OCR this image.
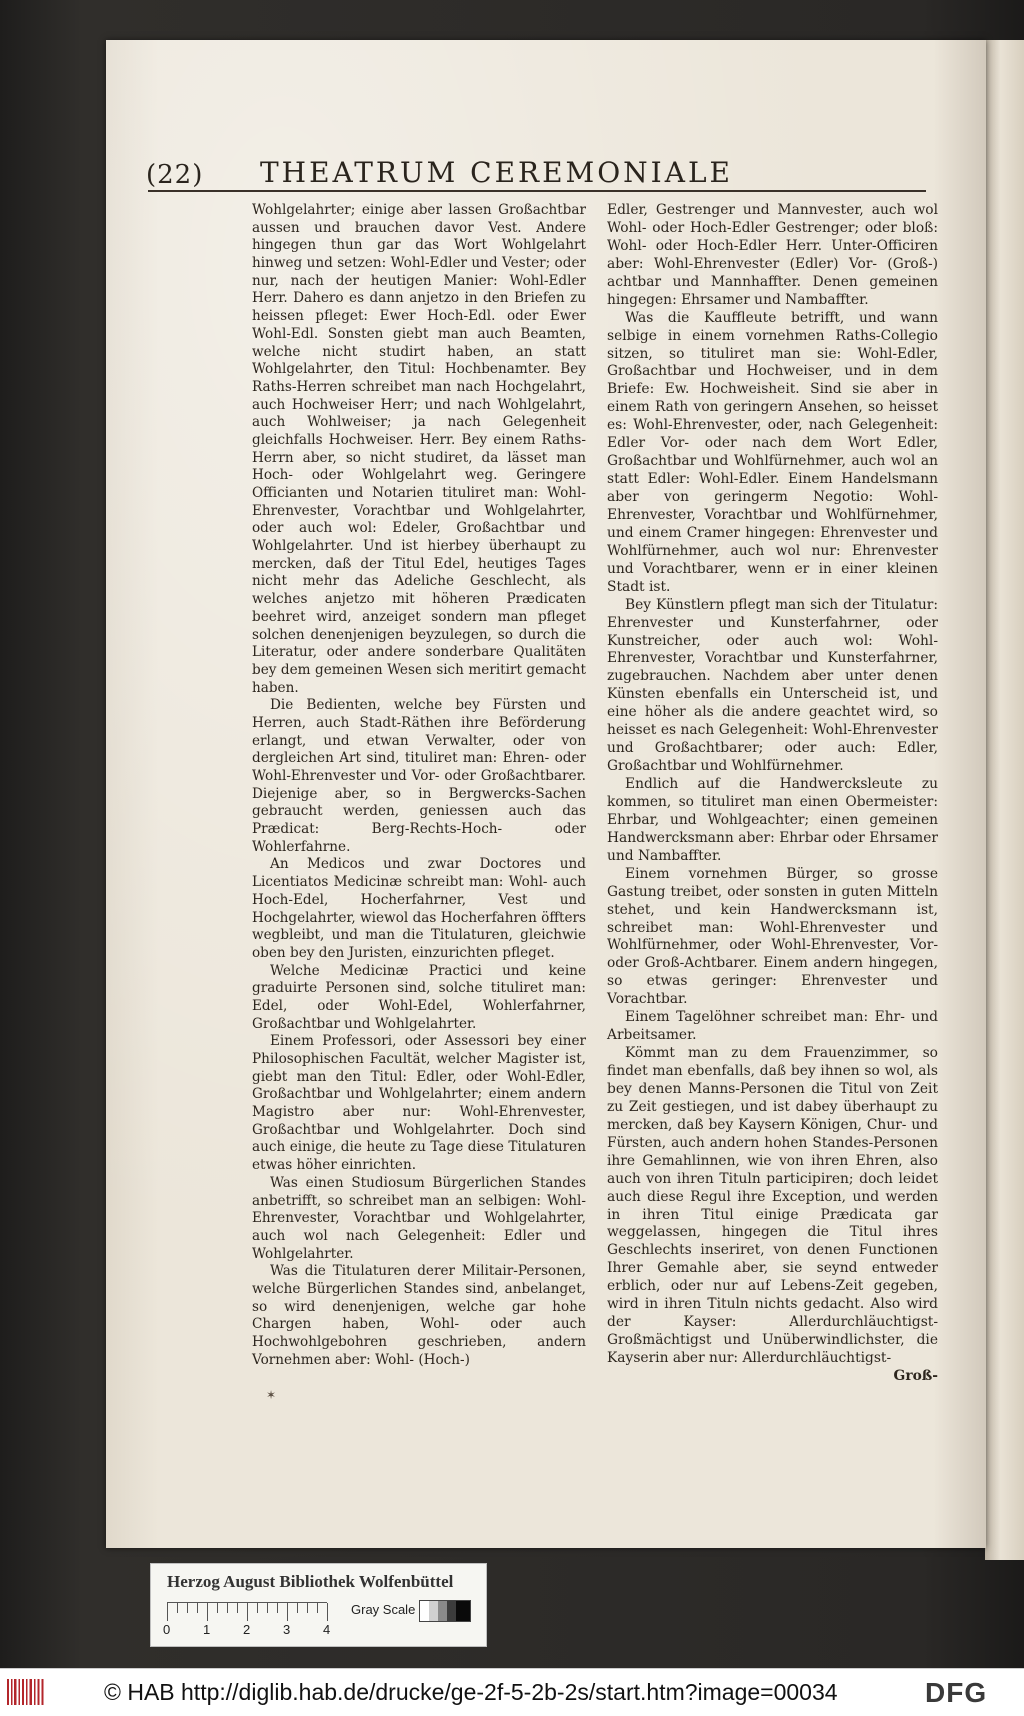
(22) THEATRUM CEREMONIALE

Wohlgelahrter; einige aber lassen Großachtbar aussen und brauchen davor Vest. Andere hingegen thun gar das Wort Wohlgelahrt hinweg und setzen: Wohl-Edler und Vester; oder nur, nach der heutigen Manier: Wohl-Edler Herr. Dahero es dann anjetzo in den Briefen zu heissen pfleget: Ewer Hoch-Edl. oder Ewer Wohl-Edl. Sonsten giebt man auch Beamten, welche nicht studirt haben, an statt Wohlgelahrter, den Titul: Hochbenamter. Bey Raths-Herren schreibet man nach Hochgelahrt, auch Hochweiser Herr; und nach Wohlgelahrt, auch Wohlweiser; ja nach Gelegenheit gleichfalls Hochweiser. Herr. Bey einem Raths-Herrn aber, so nicht studiret, da lässet man Hoch- oder Wohlgelahrt weg. Geringere Officianten und Notarien tituliret man: Wohl-Ehrenvester, Vorachtbar und Wohlgelahrter, oder auch wol: Edeler, Großachtbar und Wohlgelahrter. Und ist hierbey überhaupt zu mercken, daß der Titul Edel, heutiges Tages nicht mehr das Adeliche Geschlecht, als welches anjetzo mit höheren Prædicaten beehret wird, anzeiget sondern man pfleget solchen denenjenigen beyzulegen, so durch die Literatur, oder andere sonderbare Qualitäten bey dem gemeinen Wesen sich meritirt gemacht haben.

Die Bedienten, welche bey Fürsten und Herren, auch Stadt-Räthen ihre Beförderung erlangt, und etwan Verwalter, oder von dergleichen Art sind, tituliret man: Ehren- oder Wohl-Ehrenvester und Vor- oder Großachtbarer. Diejenige aber, so in Bergwercks-Sachen gebraucht werden, geniessen auch das Prædicat: Berg-Rechts-Hoch- oder Wohlerfahrne.

An Medicos und zwar Doctores und Licentiatos Medicinæ schreibt man: Wohl- auch Hoch-Edel, Hocherfahrner, Vest und Hochgelahrter, wiewol das Hocherfahren öffters wegbleibt, und man die Titulaturen, gleichwie oben bey den Juristen, einzurichten pfleget.

Welche Medicinæ Practici und keine graduirte Personen sind, solche tituliret man: Edel, oder Wohl-Edel, Wohlerfahrner, Großachtbar und Wohlgelahrter.

Einem Professori, oder Assessori bey einer Philosophischen Facultät, welcher Magister ist, giebt man den Titul: Edler, oder Wohl-Edler, Großachtbar und Wohlgelahrter; einem andern Magistro aber nur: Wohl-Ehrenvester, Großachtbar und Wohlgelahrter. Doch sind auch einige, die heute zu Tage diese Titulaturen etwas höher einrichten.

Was einen Studiosum Bürgerlichen Standes anbetrifft, so schreibet man an selbigen: Wohl-Ehrenvester, Vorachtbar und Wohlgelahrter, auch wol nach Gelegenheit: Edler und Wohlgelahrter.

Was die Titulaturen derer Militair-Personen, welche Bürgerlichen Standes sind, anbelanget, so wird denenjenigen, welche gar hohe Chargen haben, Wohl- oder auch Hochwohlgebohren geschrieben, andern Vornehmen aber: Wohl- (Hoch-)

Edler, Gestrenger und Mannvester, auch wol Wohl- oder Hoch-Edler Gestrenger; oder bloß: Wohl- oder Hoch-Edler Herr. Unter-Officiren aber: Wohl-Ehrenvester (Edler) Vor- (Groß-) achtbar und Mannhaffter. Denen gemeinen hingegen: Ehrsamer und Nambaffter.

Was die Kauffleute betrifft, und wann selbige in einem vornehmen Raths-Collegio sitzen, so tituliret man sie: Wohl-Edler, Großachtbar und Hochweiser, und in dem Briefe: Ew. Hochweisheit. Sind sie aber in einem Rath von geringern Ansehen, so heisset es: Wohl-Ehrenvester, oder, nach Gelegenheit: Edler Vor- oder nach dem Wort Edler, Großachtbar und Wohlfürnehmer, auch wol an statt Edler: Wohl-Edler. Einem Handelsmann aber von geringerm Negotio: Wohl-Ehrenvester, Vorachtbar und Wohlfürnehmer, und einem Cramer hingegen: Ehrenvester und Wohlfürnehmer, auch wol nur: Ehrenvester und Vorachtbarer, wenn er in einer kleinen Stadt ist.

Bey Künstlern pflegt man sich der Titulatur: Ehrenvester und Kunsterfahrner, oder Kunstreicher, oder auch wol: Wohl-Ehrenvester, Vorachtbar und Kunsterfahrner, zugebrauchen. Nachdem aber unter denen Künsten ebenfalls ein Unterscheid ist, und eine höher als die andere geachtet wird, so heisset es nach Gelegenheit: Wohl-Ehrenvester und Großachtbarer; oder auch: Edler, Großachtbar und Wohlfürnehmer.

Endlich auf die Handwercksleute zu kommen, so tituliret man einen Obermeister: Ehrbar, und Wohlgeachter; einen gemeinen Handwercksmann aber: Ehrbar oder Ehrsamer und Nambaffter.

Einem vornehmen Bürger, so grosse Gastung treibet, oder sonsten in guten Mitteln stehet, und kein Handwercksmann ist, schreibet man: Wohl-Ehrenvester und Wohlfürnehmer, oder Wohl-Ehrenvester, Vor- oder Groß-Achtbarer. Einem andern hingegen, so etwas geringer: Ehrenvester und Vorachtbar.

Einem Tagelöhner schreibet man: Ehr- und Arbeitsamer.

Kömmt man zu dem Frauenzimmer, so findet man ebenfalls, daß bey ihnen so wol, als bey denen Manns-Personen die Titul von Zeit zu Zeit gestiegen, und ist dabey überhaupt zu mercken, daß bey Kaysern Königen, Chur- und Fürsten, auch andern hohen Standes-Personen ihre Gemahlinnen, wie von ihren Ehren, also auch von ihren Tituln participiren; doch leidet auch diese Regul ihre Exception, und werden in ihren Titul einige Prædicata gar weggelassen, hingegen die Titul ihres Geschlechts inseriret, von denen Functionen Ihrer Gemahle aber, sie seynd entweder erblich, oder nur auf Lebens-Zeit gegeben, wird in ihren Tituln nichts gedacht. Also wird der Kayser: Allerdurchläuchtigst-Großmächtigst und Unüberwindlichster, die Kayserin aber nur: Allerdurchläuchtigst-

Groß-
✶
Herzog August Bibliothek Wolfenbüttel
Gray Scale
0	1	2	3	4
© HAB http://diglib.hab.de/drucke/ge-2f-5-2b-2s/start.htm?image=00034	DFG
